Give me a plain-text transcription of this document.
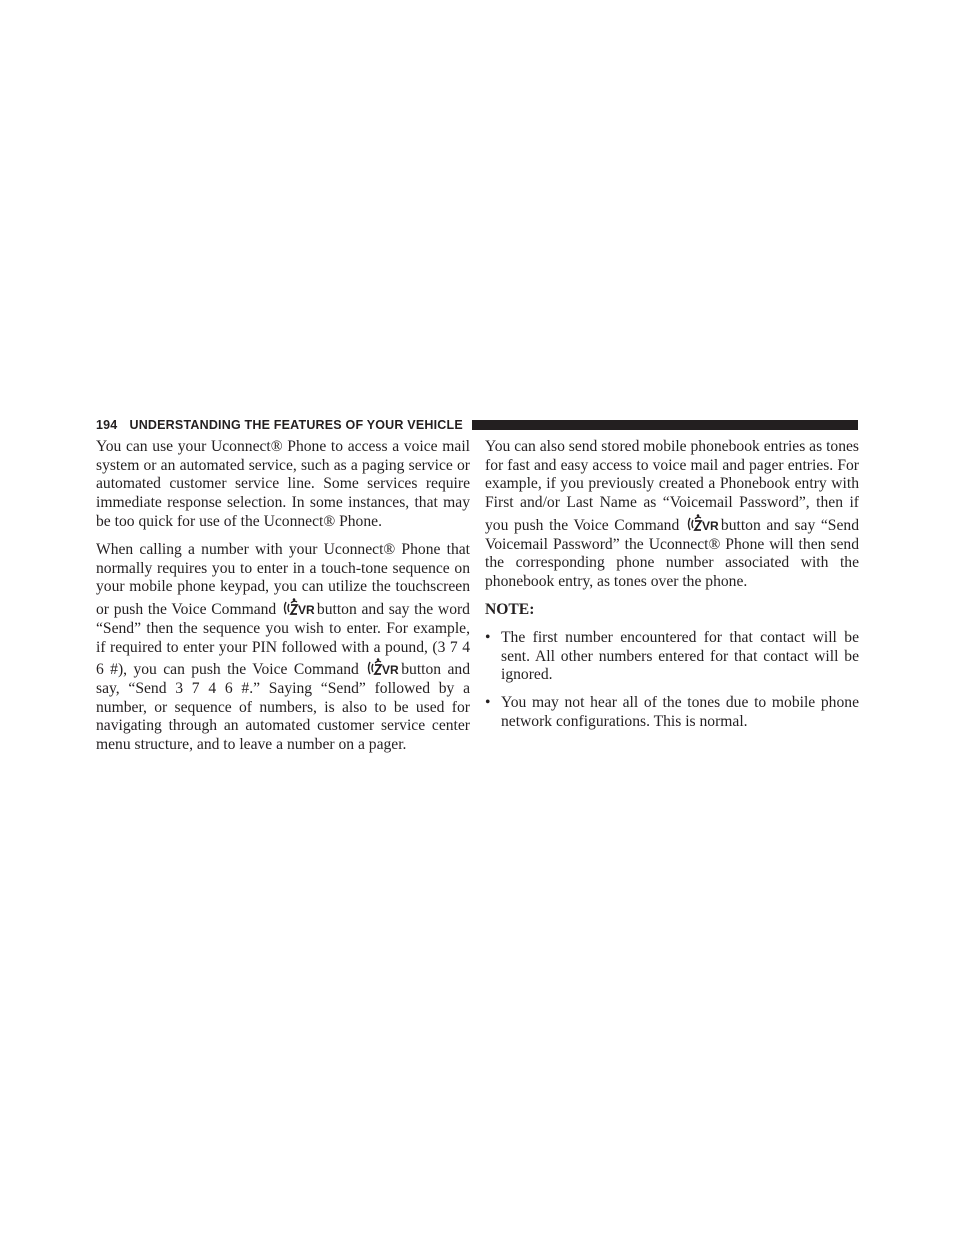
194 UNDERSTANDING THE FEATURES OF YOUR VEHICLE

You can use your Uconnect® Phone to access a voice mail system or an automated service, such as a paging service or automated customer service line. Some services require immediate response selection. In some instances, that may be too quick for use of the Uconnect® Phone.

When calling a number with your Uconnect® Phone that normally requires you to enter in a touch-tone sequence on your mobile phone keypad, you can utilize the touchscreen or push the Voice Command VR button and say the word “Send” then the sequence you wish to enter. For example, if required to enter your PIN followed with a pound, (3 7 4 6 #), you can push the Voice Command VR button and say, “Send 3 7 4 6 #.” Saying “Send” followed by a number, or sequence of numbers, is also to be used for navigating through an automated customer service center menu structure, and to leave a number on a pager.

You can also send stored mobile phonebook entries as tones for fast and easy access to voice mail and pager entries. For example, if you previously created a Phonebook entry with First and/or Last Name as “Voicemail Password”, then if you push the Voice Command VR button and say “Send Voicemail Password” the Uconnect® Phone will then send the corresponding phone number associated with the phonebook entry, as tones over the phone.

NOTE:

• The first number encountered for that contact will be sent. All other numbers entered for that contact will be ignored.
• You may not hear all of the tones due to mobile phone network configurations. This is normal.
